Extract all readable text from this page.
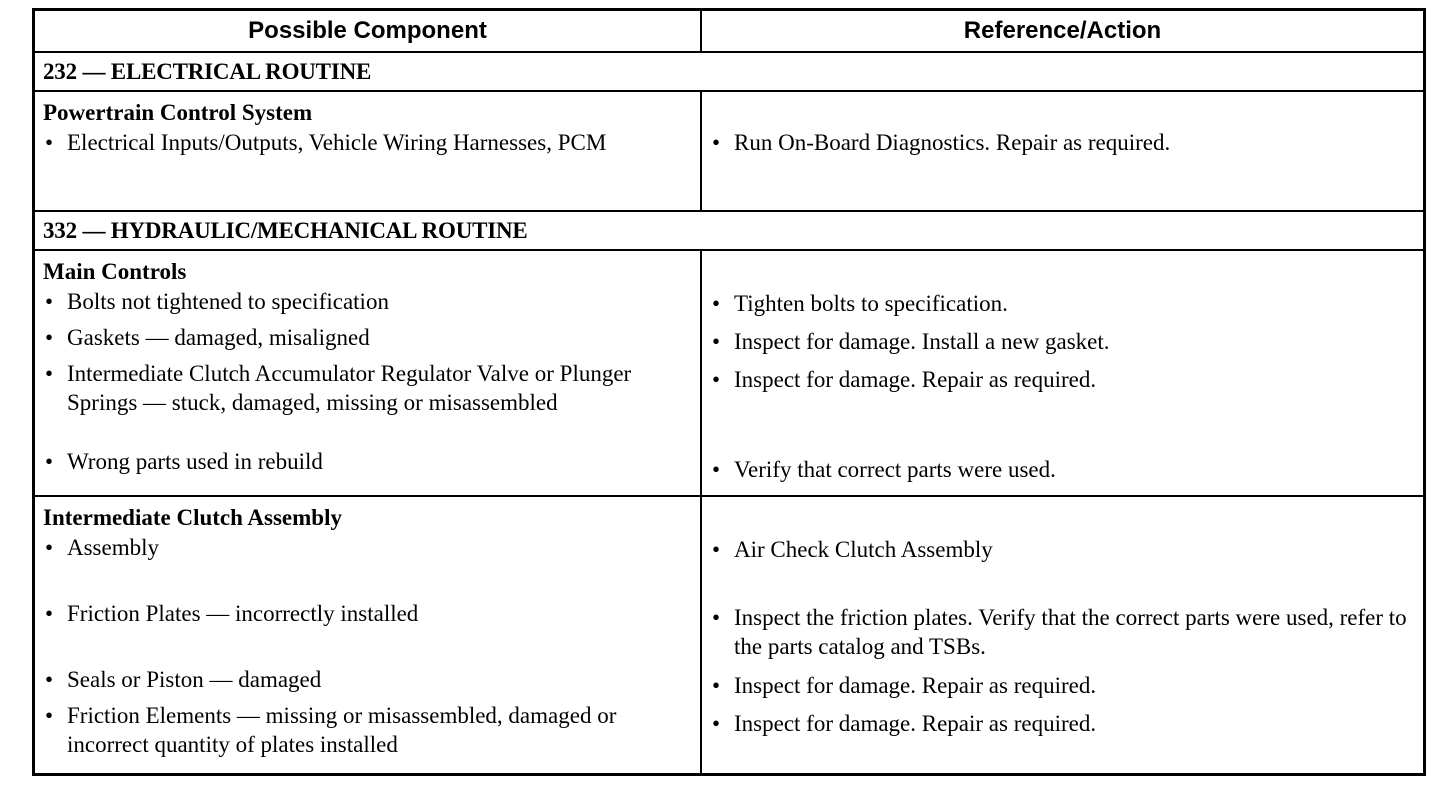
Possible Component	Reference/Action
232 — ELECTRICAL ROUTINE
Powertrain Control System
• Electrical Inputs/Outputs, Vehicle Wiring Harnesses, PCM	• Run On-Board Diagnostics. Repair as required.
332 — HYDRAULIC/MECHANICAL ROUTINE
Main Controls
• Bolts not tightened to specification
• Gaskets — damaged, misaligned
• Intermediate Clutch Accumulator Regulator Valve or Plunger Springs — stuck, damaged, missing or misassembled
• Wrong parts used in rebuild
• Tighten bolts to specification.
• Inspect for damage. Install a new gasket.
• Inspect for damage. Repair as required.
• Verify that correct parts were used.
Intermediate Clutch Assembly
• Assembly
• Friction Plates — incorrectly installed
• Seals or Piston — damaged
• Friction Elements — missing or misassembled, damaged or incorrect quantity of plates installed
• Air Check Clutch Assembly
• Inspect the friction plates. Verify that the correct parts were used, refer to the parts catalog and TSBs.
• Inspect for damage. Repair as required.
• Inspect for damage. Repair as required.
